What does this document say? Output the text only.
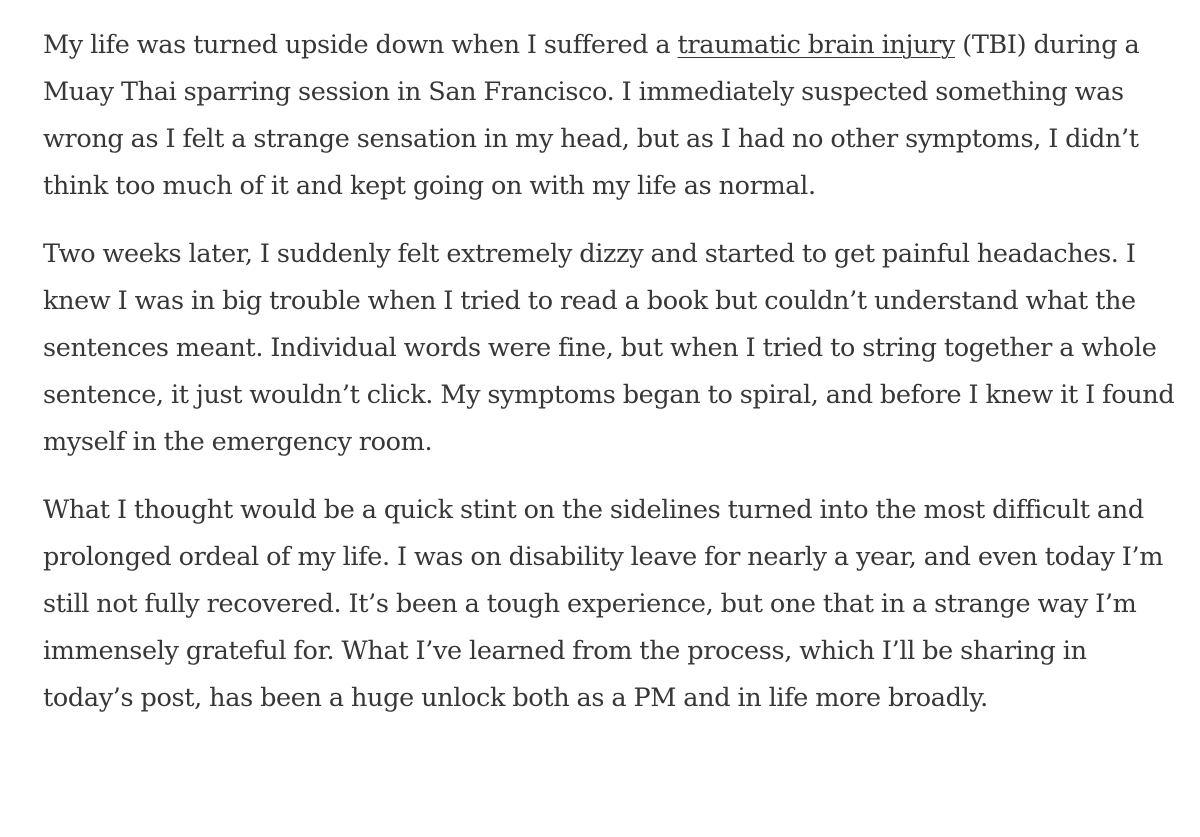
My life was turned upside down when I suffered a traumatic brain injury (TBI) during a Muay Thai sparring session in San Francisco. I immediately suspected something was wrong as I felt a strange sensation in my head, but as I had no other symptoms, I didn’t think too much of it and kept going on with my life as normal.

Two weeks later, I suddenly felt extremely dizzy and started to get painful headaches. I knew I was in big trouble when I tried to read a book but couldn’t understand what the sentences meant. Individual words were fine, but when I tried to string together a whole sentence, it just wouldn’t click. My symptoms began to spiral, and before I knew it I found myself in the emergency room.

What I thought would be a quick stint on the sidelines turned into the most difficult and prolonged ordeal of my life. I was on disability leave for nearly a year, and even today I’m still not fully recovered. It’s been a tough experience, but one that in a strange way I’m immensely grateful for. What I’ve learned from the process, which I’ll be sharing in today’s post, has been a huge unlock both as a PM and in life more broadly.
